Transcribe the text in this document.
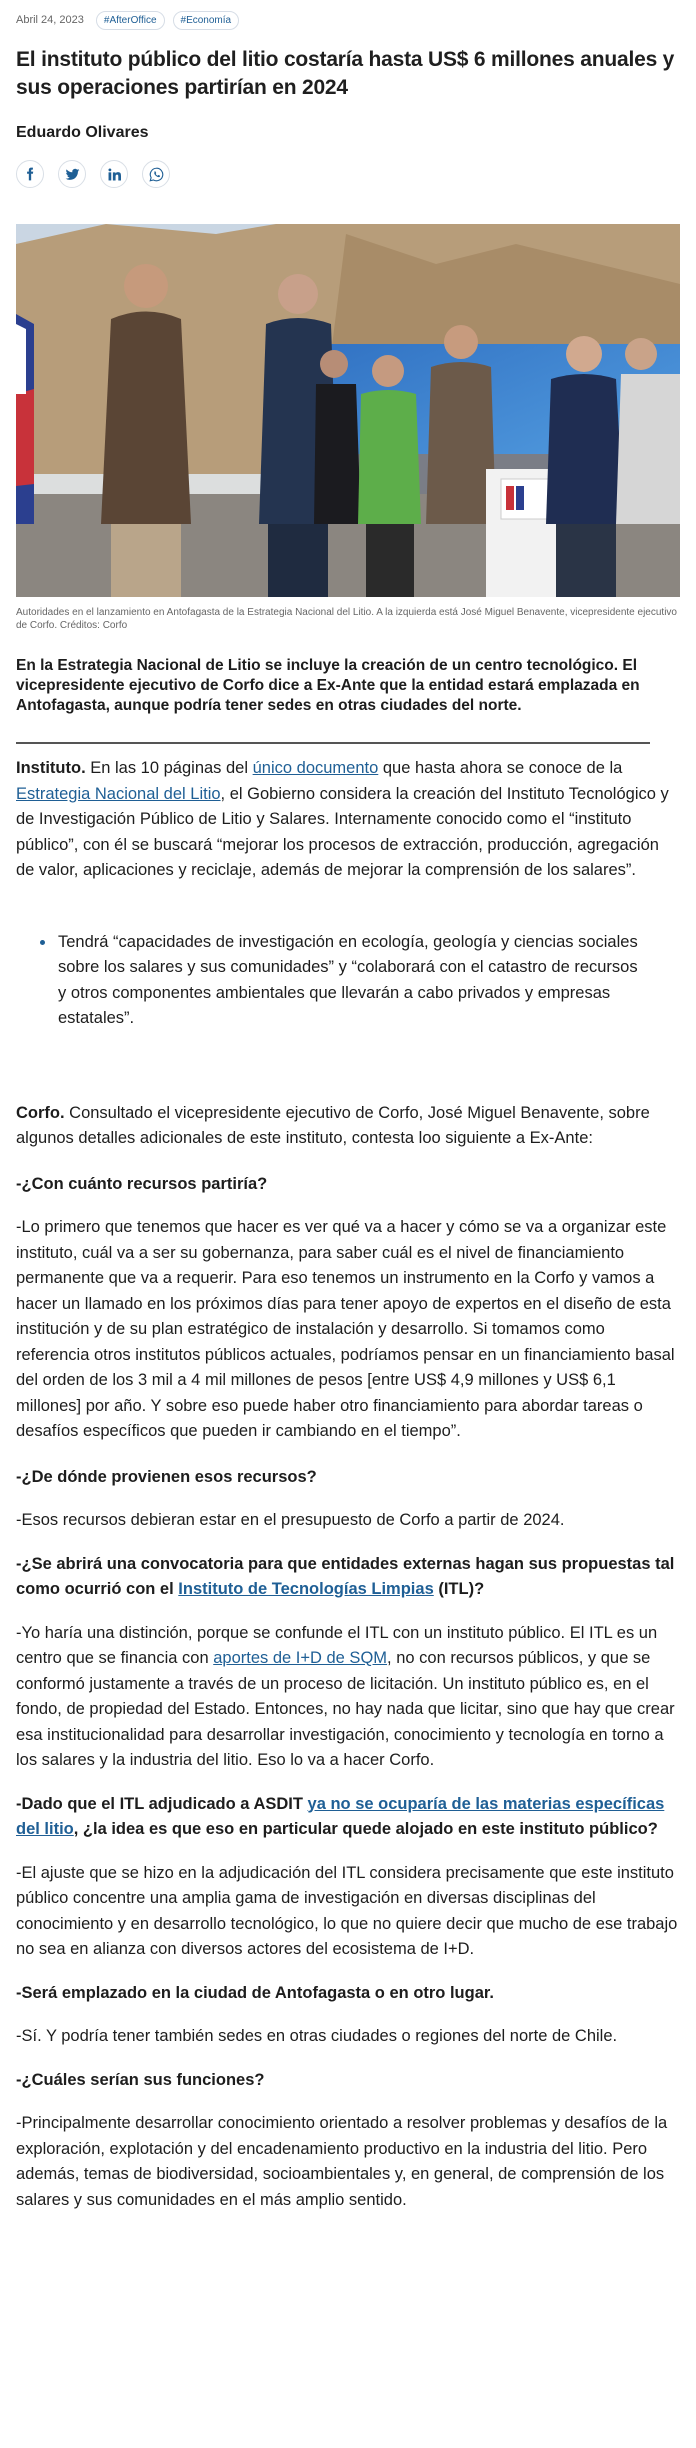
Abril 24, 2023	#AfterOffice	#Economía
El instituto público del litio costaría hasta US$ 6 millones anuales y sus operaciones partirían en 2024
Eduardo Olivares
Autoridades en el lanzamiento en Antofagasta de la Estrategia Nacional del Litio. A la izquierda está José Miguel Benavente, vicepresidente ejecutivo de Corfo. Créditos: Corfo

En la Estrategia Nacional de Litio se incluye la creación de un centro tecnológico. El vicepresidente ejecutivo de Corfo dice a Ex-Ante que la entidad estará emplazada en Antofagasta, aunque podría tener sedes en otras ciudades del norte.

Instituto. En las 10 páginas del único documento que hasta ahora se conoce de la Estrategia Nacional del Litio, el Gobierno considera la creación del Instituto Tecnológico y de Investigación Público de Litio y Salares. Internamente conocido como el “instituto público”, con él se buscará “mejorar los procesos de extracción, producción, agregación de valor, aplicaciones y reciclaje, además de mejorar la comprensión de los salares”.

Tendrá “capacidades de investigación en ecología, geología y ciencias sociales sobre los salares y sus comunidades” y “colaborará con el catastro de recursos y otros componentes ambientales que llevarán a cabo privados y empresas estatales”.

Corfo. Consultado el vicepresidente ejecutivo de Corfo, José Miguel Benavente, sobre algunos detalles adicionales de este instituto, contesta loo siguiente a Ex-Ante:

-¿Con cuánto recursos partiría?

-Lo primero que tenemos que hacer es ver qué va a hacer y cómo se va a organizar este instituto, cuál va a ser su gobernanza, para saber cuál es el nivel de financiamiento permanente que va a requerir. Para eso tenemos un instrumento en la Corfo y vamos a hacer un llamado en los próximos días para tener apoyo de expertos en el diseño de esta institución y de su plan estratégico de instalación y desarrollo. Si tomamos como referencia otros institutos públicos actuales, podríamos pensar en un financiamiento basal del orden de los 3 mil a 4 mil millones de pesos [entre US$ 4,9 millones y US$ 6,1 millones] por año. Y sobre eso puede haber otro financiamiento para abordar tareas o desafíos específicos que pueden ir cambiando en el tiempo”.

-¿De dónde provienen esos recursos?

-Esos recursos debieran estar en el presupuesto de Corfo a partir de 2024.

-¿Se abrirá una convocatoria para que entidades externas hagan sus propuestas tal como ocurrió con el Instituto de Tecnologías Limpias (ITL)?

-Yo haría una distinción, porque se confunde el ITL con un instituto público. El ITL es un centro que se financia con aportes de I+D de SQM, no con recursos públicos, y que se conformó justamente a través de un proceso de licitación. Un instituto público es, en el fondo, de propiedad del Estado. Entonces, no hay nada que licitar, sino que hay que crear esa institucionalidad para desarrollar investigación, conocimiento y tecnología en torno a los salares y la industria del litio. Eso lo va a hacer Corfo.

-Dado que el ITL adjudicado a ASDIT ya no se ocuparía de las materias específicas del litio, ¿la idea es que eso en particular quede alojado en este instituto público?

-El ajuste que se hizo en la adjudicación del ITL considera precisamente que este instituto público concentre una amplia gama de investigación en diversas disciplinas del conocimiento y en desarrollo tecnológico, lo que no quiere decir que mucho de ese trabajo no sea en alianza con diversos actores del ecosistema de I+D.

-Será emplazado en la ciudad de Antofagasta o en otro lugar.

-Sí. Y podría tener también sedes en otras ciudades o regiones del norte de Chile.

-¿Cuáles serían sus funciones?

-Principalmente desarrollar conocimiento orientado a resolver problemas y desafíos de la exploración, explotación y del encadenamiento productivo en la industria del litio. Pero además, temas de biodiversidad, socioambientales y, en general, de comprensión de los salares y sus comunidades en el más amplio sentido.
